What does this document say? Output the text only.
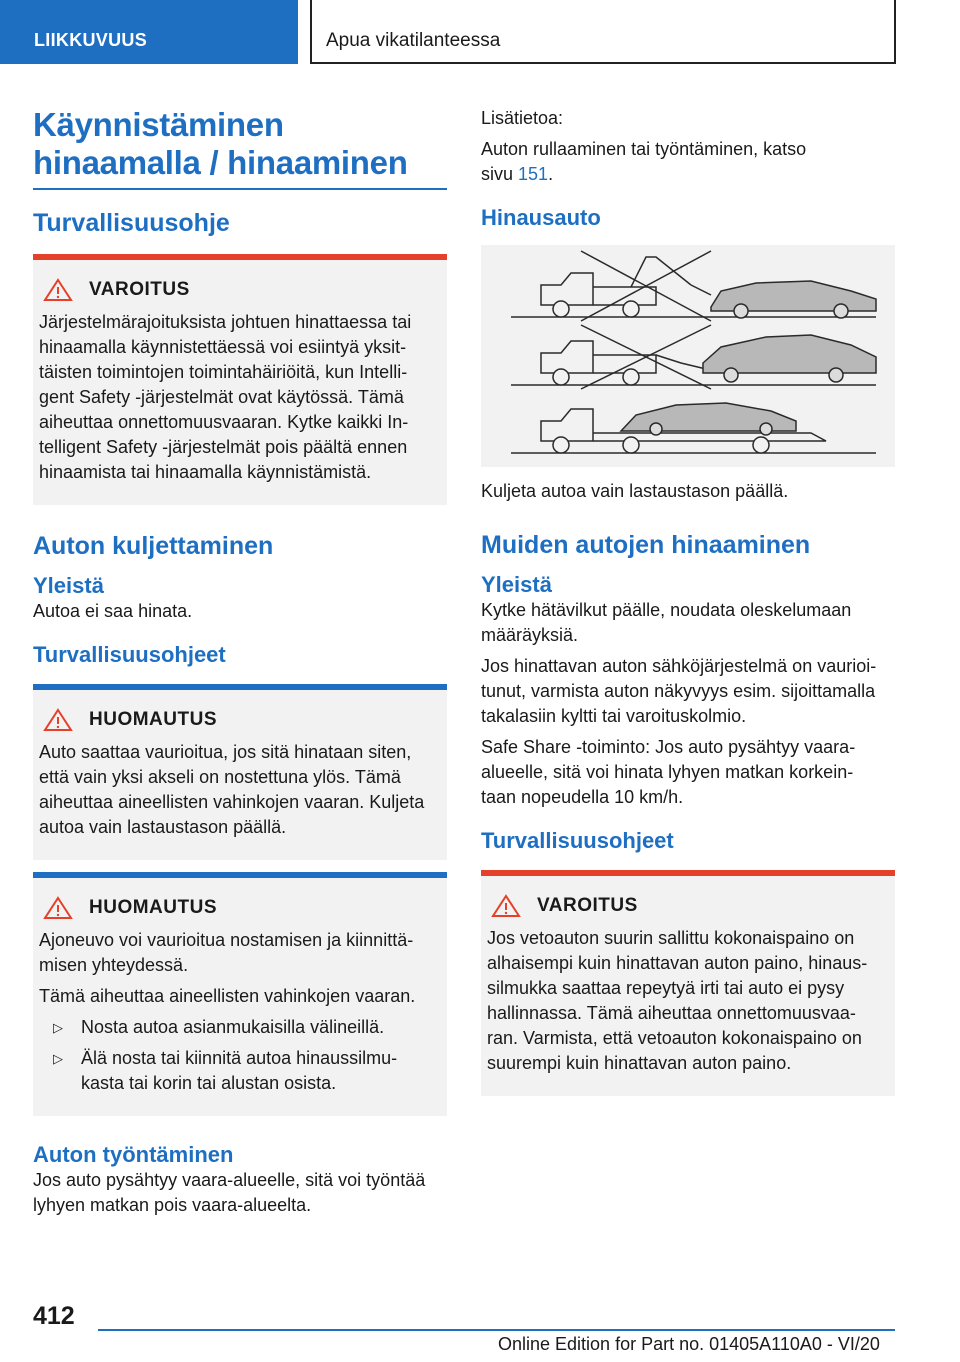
LIIKKUVUUS	Apua vikatilanteessa
Käynnistäminen
hinaamalla / hinaaminen
Turvallisuusohje
VAROITUS
Järjestelmärajoituksista johtuen hinattaessa tai
hinaamalla käynnistettäessä voi esiintyä yksit-
täisten toimintojen toimintahäiriöitä, kun Intelli-
gent Safety -järjestelmät ovat käytössä. Tämä
aiheuttaa onnettomuusvaaran. Kytke kaikki In-
telligent Safety -järjestelmät pois päältä ennen
hinaamista tai hinaamalla käynnistämistä.
Auton kuljettaminen
Yleistä
Autoa ei saa hinata.
Turvallisuusohjeet
HUOMAUTUS
Auto saattaa vaurioitua, jos sitä hinataan siten,
että vain yksi akseli on nostettuna ylös. Tämä
aiheuttaa aineellisten vahinkojen vaaran. Kuljeta
autoa vain lastaustason päällä.
HUOMAUTUS
Ajoneuvo voi vaurioitua nostamisen ja kiinnittä-
misen yhteydessä.
Tämä aiheuttaa aineellisten vahinkojen vaaran.
▷	Nosta autoa asianmukaisilla välineillä.
▷	Älä nosta tai kiinnitä autoa hinaussilmu-
kasta tai korin tai alustan osista.
Auton työntäminen
Jos auto pysähtyy vaara-alueelle, sitä voi työntää
lyhyen matkan pois vaara-alueelta.
Lisätietoa:
Auton rullaaminen tai työntäminen, katso
sivu 151.
Hinausauto
Kuljeta autoa vain lastaustason päällä.
Muiden autojen hinaaminen
Yleistä
Kytke hätävilkut päälle, noudata oleskelumaan
määräyksiä.
Jos hinattavan auton sähköjärjestelmä on vaurioi-
tunut, varmista auton näkyvyys esim. sijoittamalla
takalasiin kyltti tai varoituskolmio.
Safe Share -toiminto: Jos auto pysähtyy vaara-
alueelle, sitä voi hinata lyhyen matkan korkein-
taan nopeudella 10 km/h.
Turvallisuusohjeet
VAROITUS
Jos vetoauton suurin sallittu kokonaispaino on
alhaisempi kuin hinattavan auton paino, hinaus-
silmukka saattaa repeytyä irti tai auto ei pysy
hallinnassa. Tämä aiheuttaa onnettomuusvaa-
ran. Varmista, että vetoauton kokonaispaino on
suurempi kuin hinattavan auton paino.
412
Online Edition for Part no. 01405A110A0 - VI/20
